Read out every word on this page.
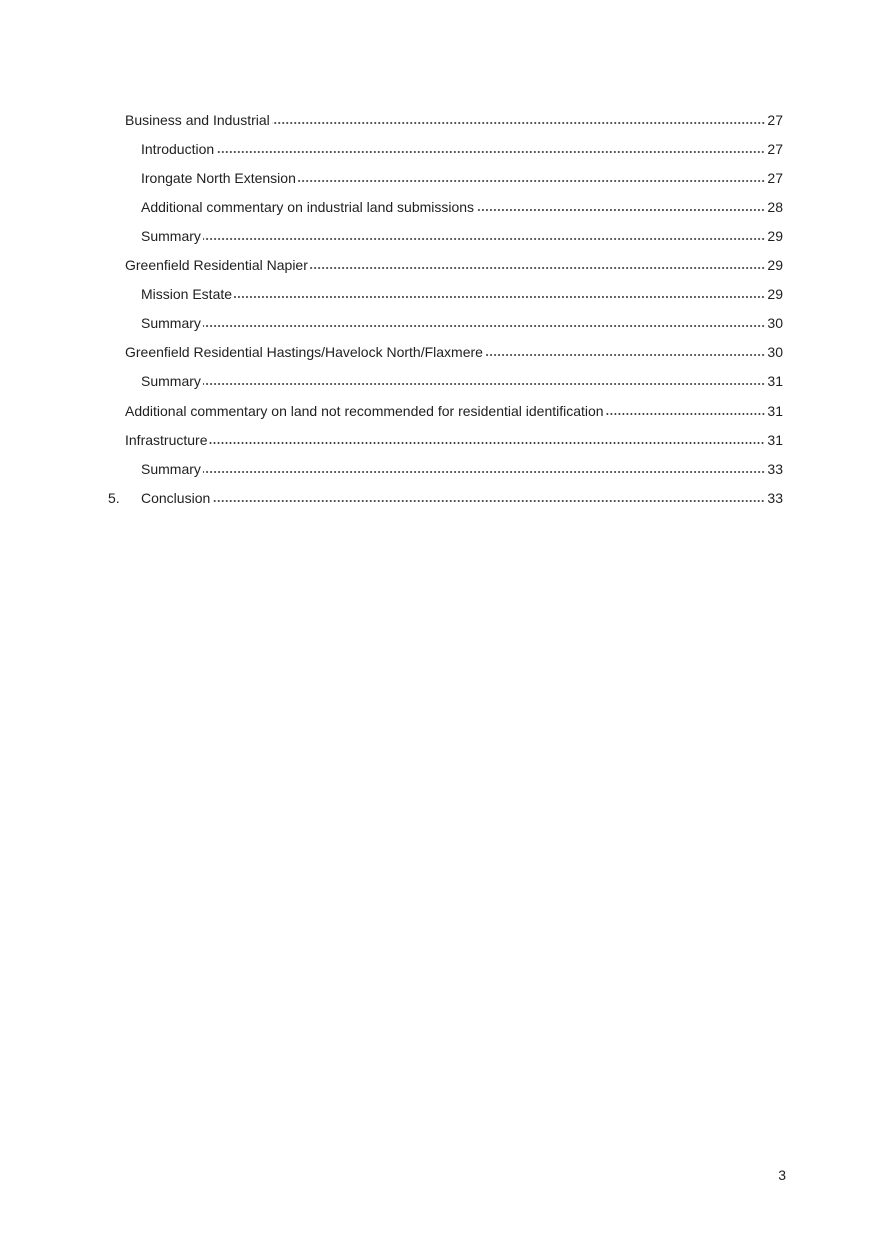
Business and Industrial	27
Introduction	27
Irongate North Extension	27
Additional commentary on industrial land submissions	28
Summary	29
Greenfield Residential Napier	29
Mission Estate	29
Summary	30
Greenfield Residential Hastings/Havelock North/Flaxmere	30
Summary	31
Additional commentary on land not recommended for residential identification	31
Infrastructure	31
Summary	33
5.	Conclusion	33
3
